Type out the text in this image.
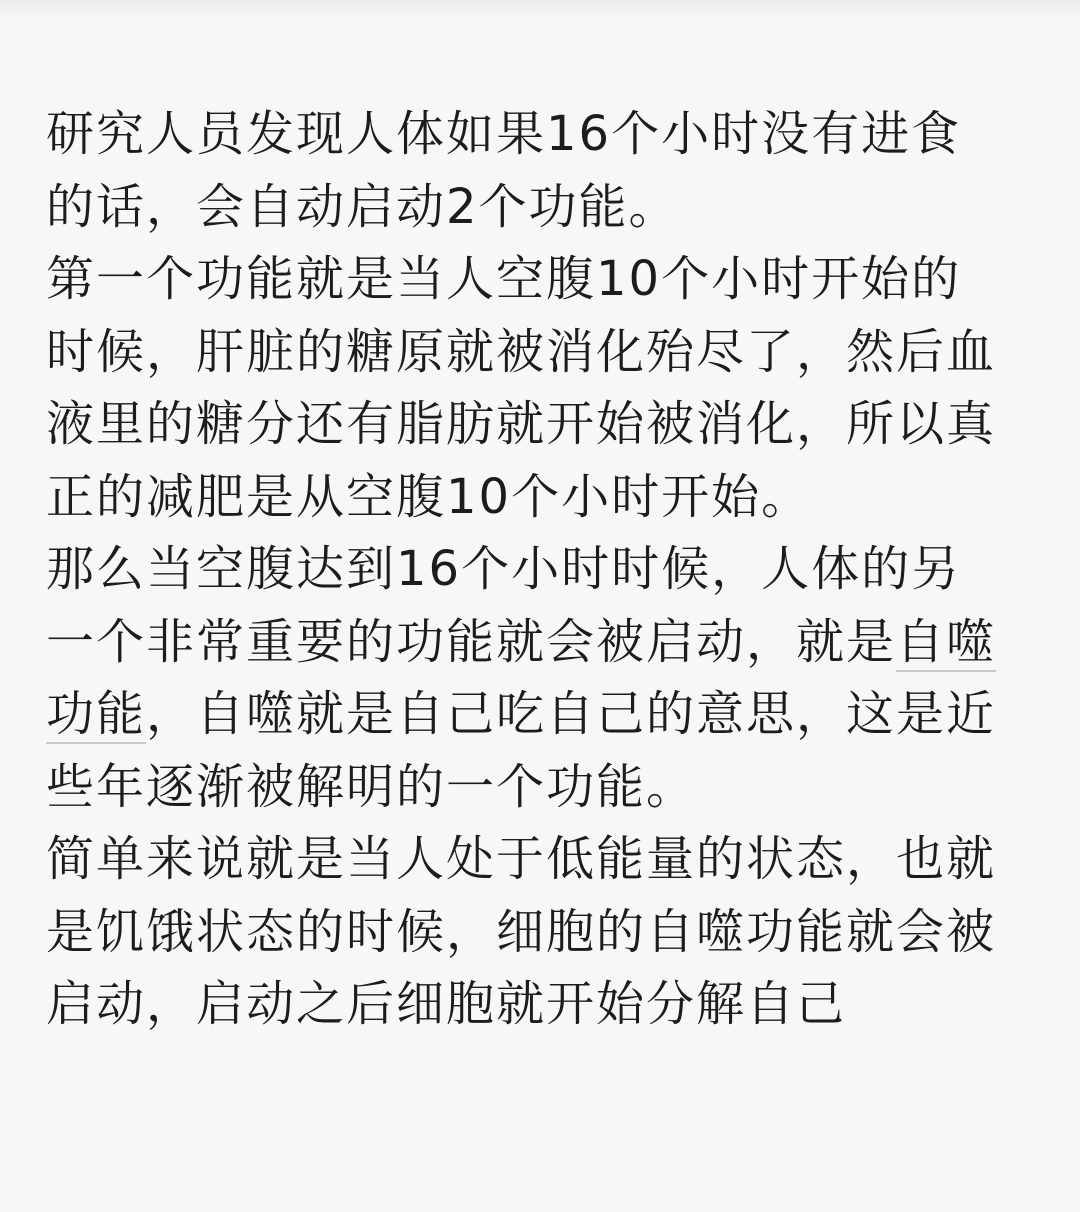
研究人员发现人体如果16个小时没有进食的话，会自动启动2个功能。

第一个功能就是当人空腹10个小时开始的时候，肝脏的糖原就被消化殆尽了，然后血液里的糖分还有脂肪就开始被消化，所以真正的减肥是从空腹10个小时开始。

那么当空腹达到16个小时时候，人体的另一个非常重要的功能就会被启动，就是自噬功能，自噬就是自己吃自己的意思，这是近些年逐渐被解明的一个功能。

简单来说就是当人处于低能量的状态，也就是饥饿状态的时候，细胞的自噬功能就会被启动，启动之后细胞就开始分解自己
